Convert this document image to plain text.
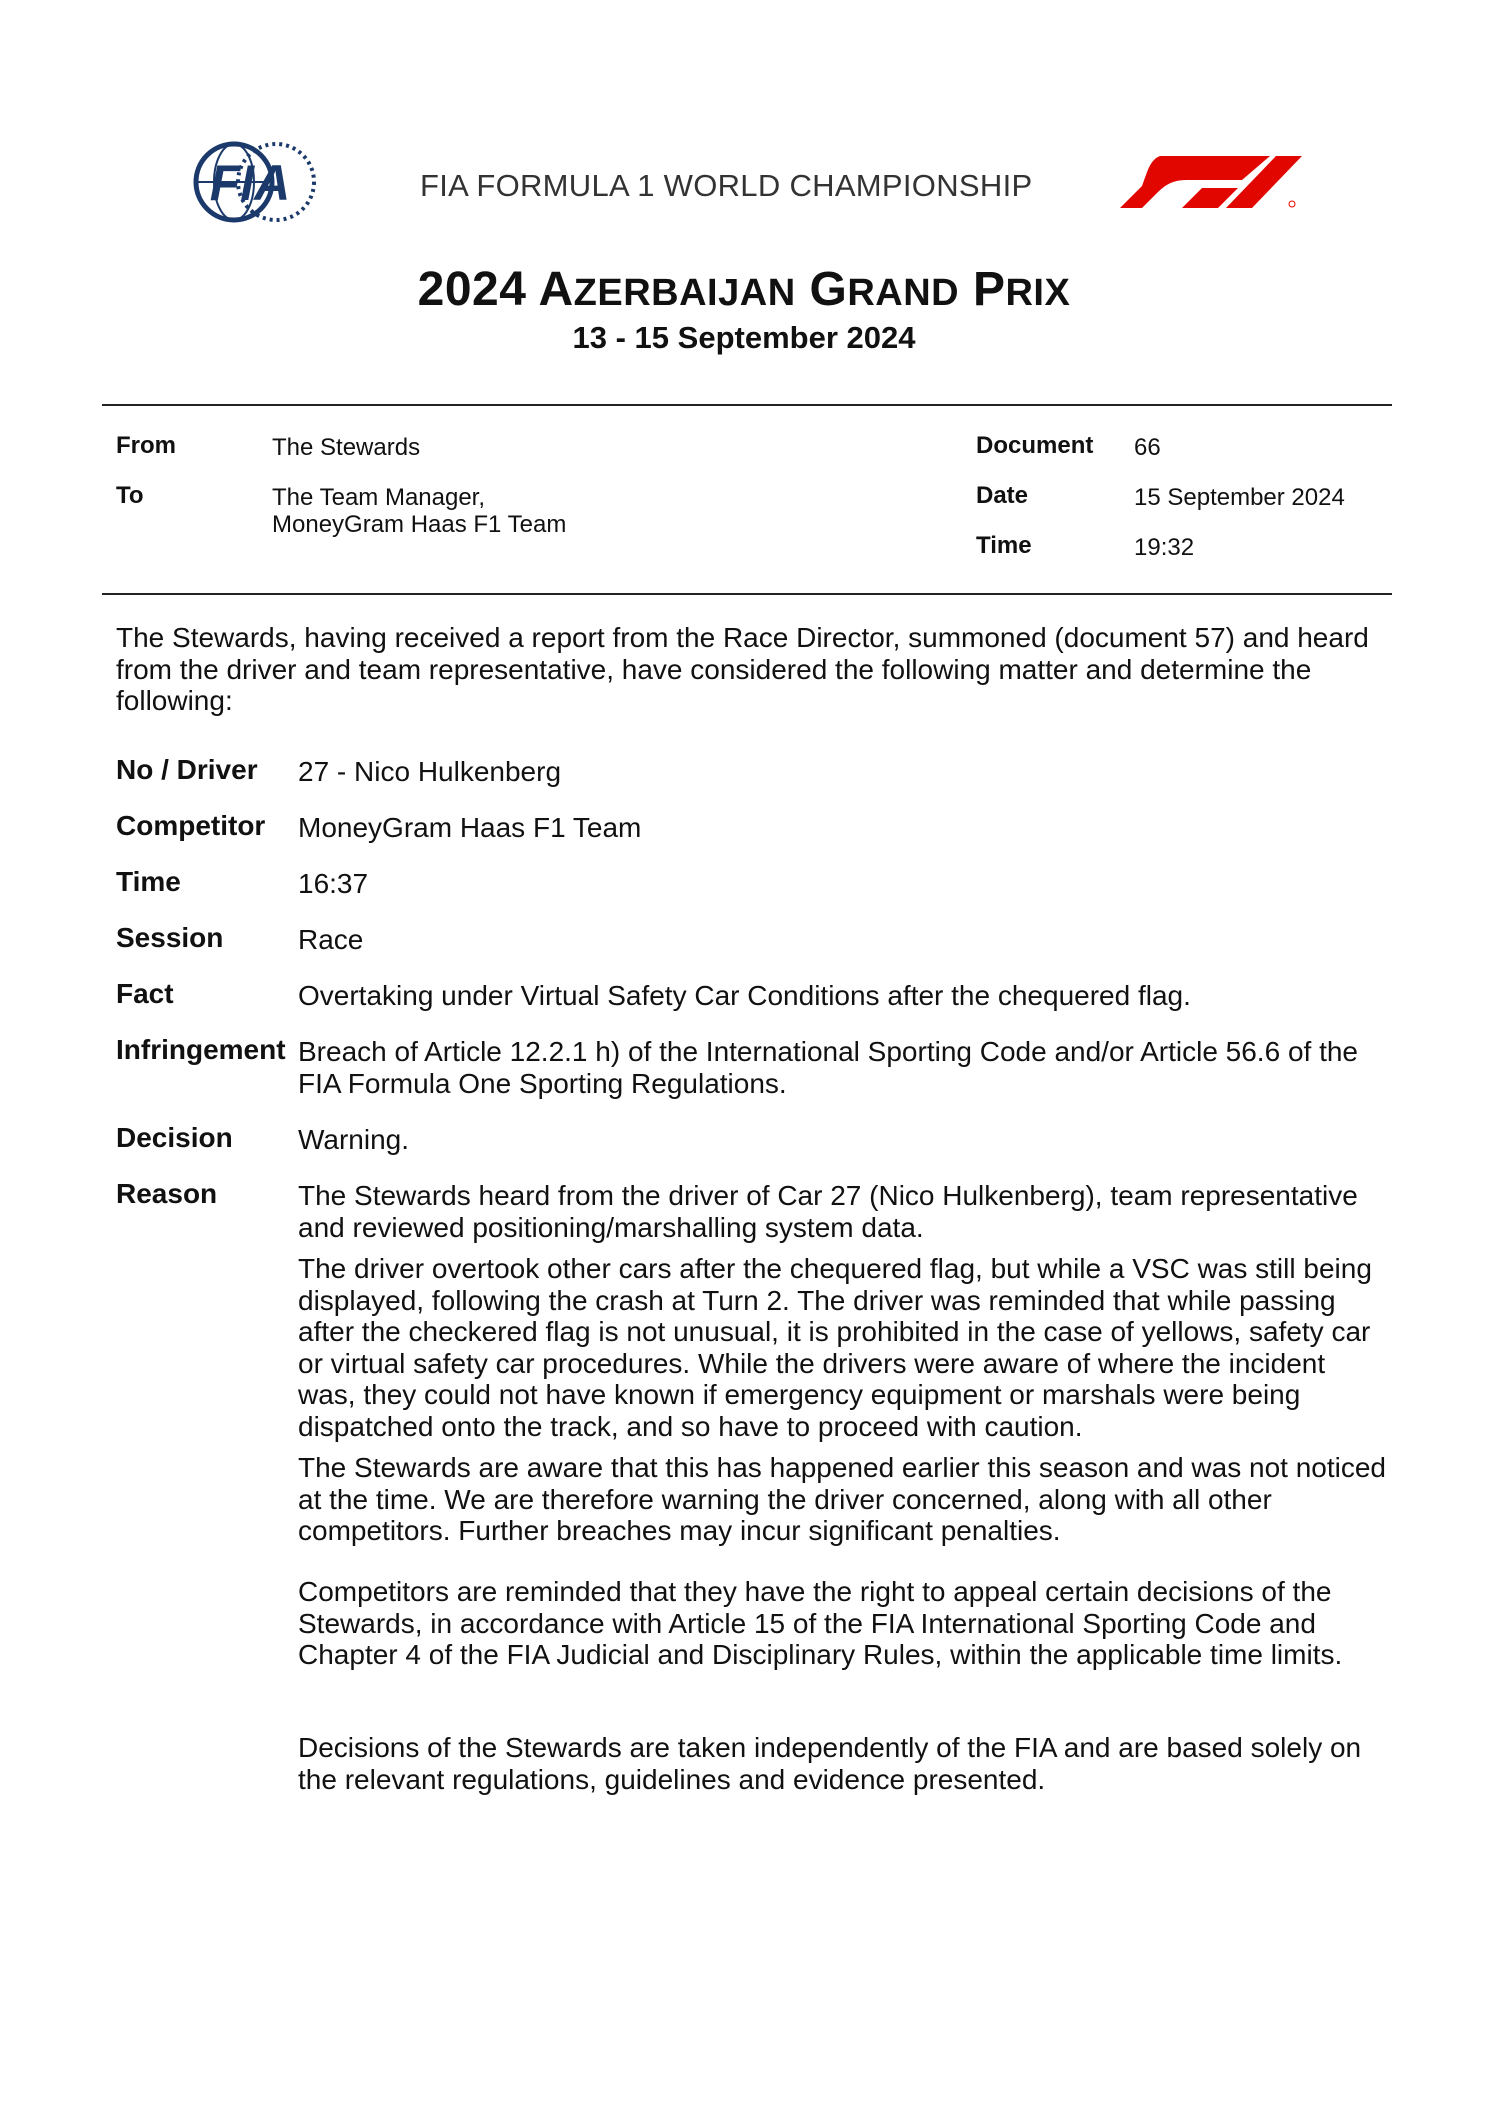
FIA	FIA FORMULA 1 WORLD CHAMPIONSHIP
2024 AZERBAIJAN GRAND PRIX
13 - 15 September 2024
From	The Stewards
To	The Team Manager,
MoneyGram Haas F1 Team
Document 66
Date	15 September 2024
Time	19:32
The Stewards, having received a report from the Race Director, summoned (document 57) and heard from the driver and team representative, have considered the following matter and determine the following:
No / Driver 27 - Nico Hulkenberg
Competitor MoneyGram Haas F1 Team
Time	16:37
Session	Race
Fact	Overtaking under Virtual Safety Car Conditions after the chequered flag.
Infringement Breach of Article 12.2.1 h) of the International Sporting Code and/or Article 56.6 of the FIA Formula One Sporting Regulations.
Decision Warning.
Reason	The Stewards heard from the driver of Car 27 (Nico Hulkenberg), team representative and reviewed positioning/marshalling system data.

The driver overtook other cars after the chequered flag, but while a VSC was still being displayed, following the crash at Turn 2. The driver was reminded that while passing after the checkered flag is not unusual, it is prohibited in the case of yellows, safety car or virtual safety car procedures. While the drivers were aware of where the incident was, they could not have known if emergency equipment or marshals were being dispatched onto the track, and so have to proceed with caution.

The Stewards are aware that this has happened earlier this season and was not noticed at the time. We are therefore warning the driver concerned, along with all other competitors. Further breaches may incur significant penalties.

Competitors are reminded that they have the right to appeal certain decisions of the Stewards, in accordance with Article 15 of the FIA International Sporting Code and Chapter 4 of the FIA Judicial and Disciplinary Rules, within the applicable time limits.
Decisions of the Stewards are taken independently of the FIA and are based solely on the relevant regulations, guidelines and evidence presented.
